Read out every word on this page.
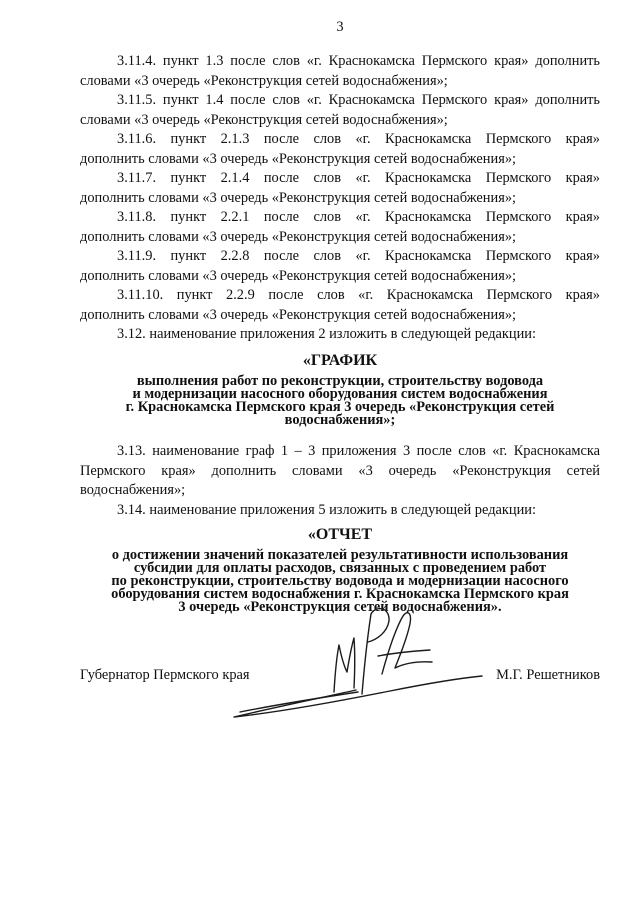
3
3.11.4. пункт 1.3 после слов «г. Краснокамска Пермского края» дополнить
словами «3 очередь «Реконструкция сетей водоснабжения»;
3.11.5. пункт 1.4 после слов «г. Краснокамска Пермского края» дополнить
словами «3 очередь «Реконструкция сетей водоснабжения»;
3.11.6. пункт 2.1.3 после слов «г. Краснокамска Пермского края»
дополнить словами «3 очередь «Реконструкция сетей водоснабжения»;
3.11.7. пункт 2.1.4 после слов «г. Краснокамска Пермского края»
дополнить словами «3 очередь «Реконструкция сетей водоснабжения»;
3.11.8. пункт 2.2.1 после слов «г. Краснокамска Пермского края»
дополнить словами «3 очередь «Реконструкция сетей водоснабжения»;
3.11.9. пункт 2.2.8 после слов «г. Краснокамска Пермского края»
дополнить словами «3 очередь «Реконструкция сетей водоснабжения»;
3.11.10. пункт 2.2.9 после слов «г. Краснокамска Пермского края»
дополнить словами «3 очередь «Реконструкция сетей водоснабжения»;
3.12. наименование приложения 2 изложить в следующей редакции:
«ГРАФИК
выполнения работ по реконструкции, строительству водовода
и модернизации насосного оборудования систем водоснабжения
г. Краснокамска Пермского края 3 очередь «Реконструкция сетей
водоснабжения»;
3.13. наименование граф 1 – 3 приложения 3 после слов «г. Краснокамска
Пермского края» дополнить словами «3 очередь «Реконструкция сетей
водоснабжения»;
3.14. наименование приложения 5 изложить в следующей редакции:
«ОТЧЕТ
о достижении значений показателей результативности использования
субсидии для оплаты расходов, связанных с проведением работ
по реконструкции, строительству водовода и модернизации насосного
оборудования систем водоснабжения г. Краснокамска Пермского края
3 очередь «Реконструкция сетей водоснабжения».
Губернатор Пермского края	М.Г. Решетников
